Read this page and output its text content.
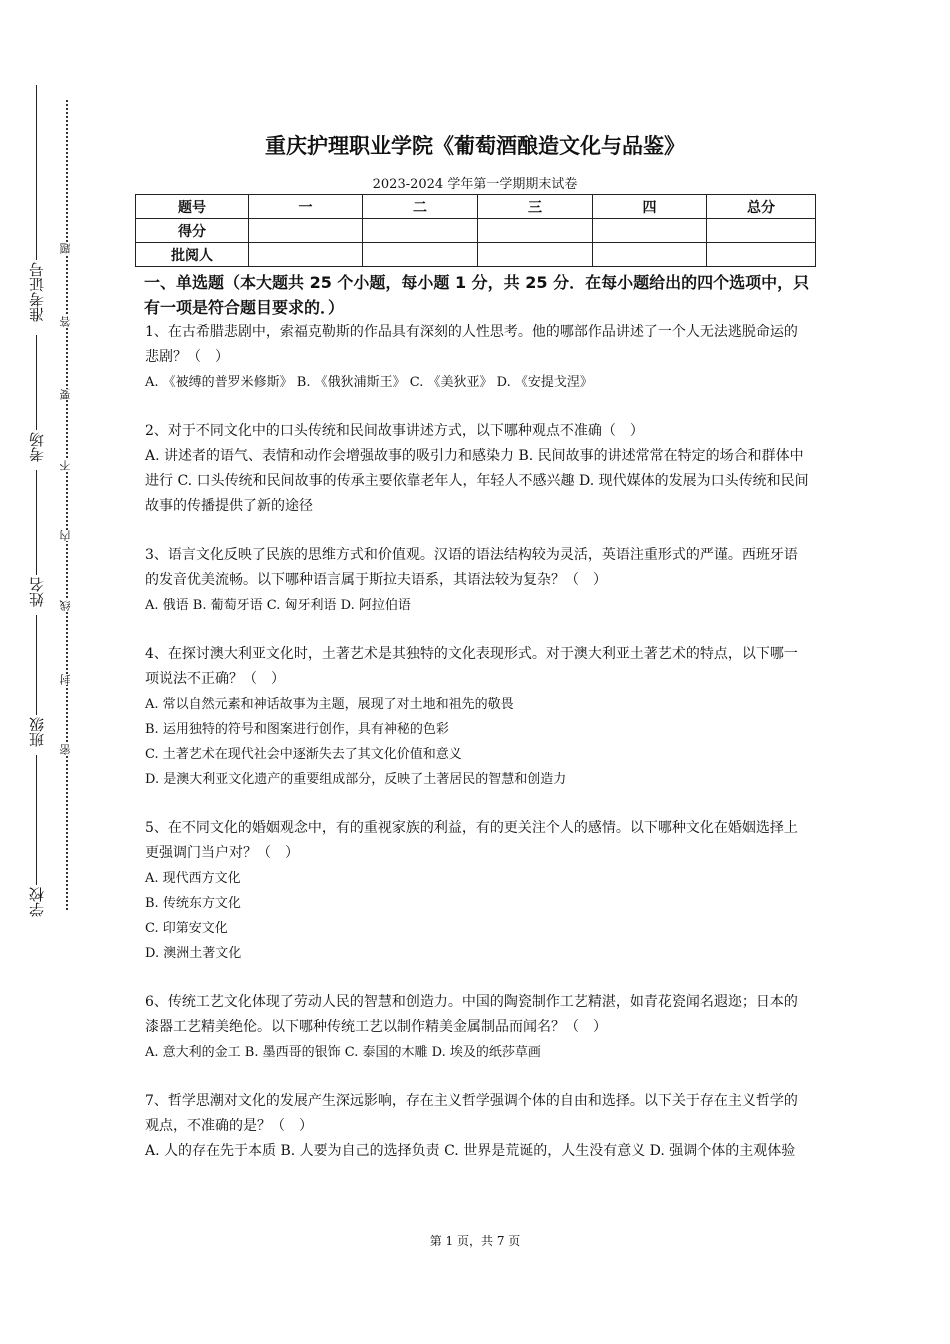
准考证号
考场
姓名
班级
学校
题
答
要
不
内
线
封
密
重庆护理职业学院《葡萄酒酿造文化与品鉴》
2023-2024 学年第一学期期末试卷
题号	一	二	三	四	总分
得分					
批阅人					
一、单选题（本大题共 25 个小题，每小题 1 分，共 25 分．在每小题给出的四个选项中，只有一项是符合题目要求的．）
1、在古希腊悲剧中，索福克勒斯的作品具有深刻的人性思考。他的哪部作品讲述了一个人无法逃脱命运的悲剧？（　）
A. 《被缚的普罗米修斯》 B. 《俄狄浦斯王》 C. 《美狄亚》 D. 《安提戈涅》
2、对于不同文化中的口头传统和民间故事讲述方式，以下哪种观点不准确（　）
A. 讲述者的语气、表情和动作会增强故事的吸引力和感染力 B. 民间故事的讲述常常在特定的场合和群体中进行 C. 口头传统和民间故事的传承主要依靠老年人，年轻人不感兴趣 D. 现代媒体的发展为口头传统和民间故事的传播提供了新的途径
3、语言文化反映了民族的思维方式和价值观。汉语的语法结构较为灵活，英语注重形式的严谨。西班牙语的发音优美流畅。以下哪种语言属于斯拉夫语系，其语法较为复杂？（　）
A. 俄语 B. 葡萄牙语 C. 匈牙利语 D. 阿拉伯语
4、在探讨澳大利亚文化时，土著艺术是其独特的文化表现形式。对于澳大利亚土著艺术的特点，以下哪一项说法不正确？（　）
A. 常以自然元素和神话故事为主题，展现了对土地和祖先的敬畏
B. 运用独特的符号和图案进行创作，具有神秘的色彩
C. 土著艺术在现代社会中逐渐失去了其文化价值和意义
D. 是澳大利亚文化遗产的重要组成部分，反映了土著居民的智慧和创造力
5、在不同文化的婚姻观念中，有的重视家族的利益，有的更关注个人的感情。以下哪种文化在婚姻选择上更强调门当户对？（　）
A. 现代西方文化
B. 传统东方文化
C. 印第安文化
D. 澳洲土著文化
6、传统工艺文化体现了劳动人民的智慧和创造力。中国的陶瓷制作工艺精湛，如青花瓷闻名遐迩；日本的漆器工艺精美绝伦。以下哪种传统工艺以制作精美金属制品而闻名？（　）
A. 意大利的金工 B. 墨西哥的银饰 C. 泰国的木雕 D. 埃及的纸莎草画
7、哲学思潮对文化的发展产生深远影响，存在主义哲学强调个体的自由和选择。以下关于存在主义哲学的观点，不准确的是？（　）
A. 人的存在先于本质 B. 人要为自己的选择负责 C. 世界是荒诞的，人生没有意义 D. 强调个体的主观体验
第 1 页，共 7 页
